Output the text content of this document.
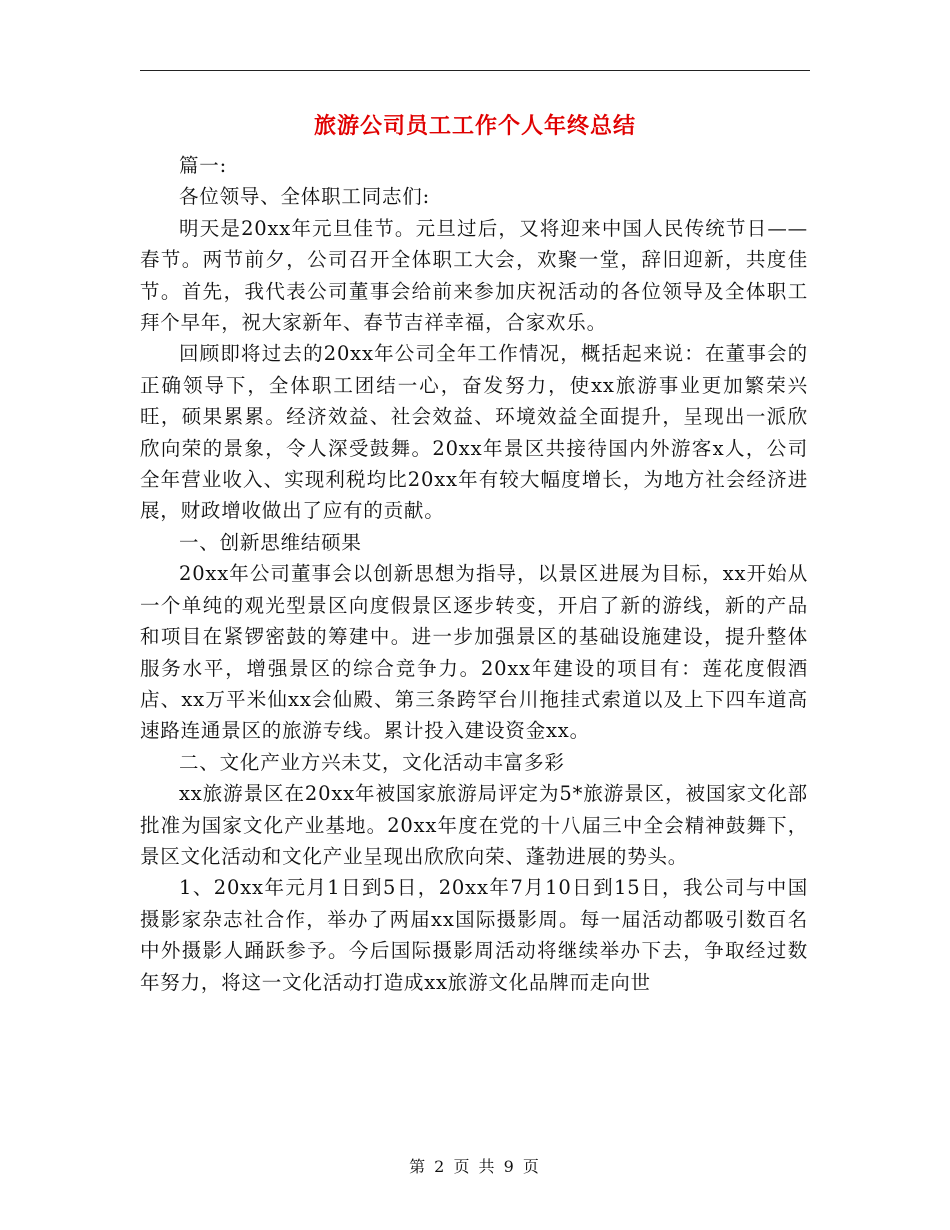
旅游公司员工工作个人年终总结

篇一:

各位领导、全体职工同志们:

明天是20xx年元旦佳节。元旦过后，又将迎来中国人民传统节日——春节。两节前夕，公司召开全体职工大会，欢聚一堂，辞旧迎新，共度佳节。首先，我代表公司董事会给前来参加庆祝活动的各位领导及全体职工拜个早年，祝大家新年、春节吉祥幸福，合家欢乐。

回顾即将过去的20xx年公司全年工作情况，概括起来说：在董事会的正确领导下，全体职工团结一心，奋发努力，使xx旅游事业更加繁荣兴旺，硕果累累。经济效益、社会效益、环境效益全面提升，呈现出一派欣欣向荣的景象，令人深受鼓舞。20xx年景区共接待国内外游客x人，公司全年营业收入、实现利税均比20xx年有较大幅度增长，为地方社会经济进展，财政增收做出了应有的贡献。

一、创新思维结硕果

20xx年公司董事会以创新思想为指导，以景区进展为目标，xx开始从一个单纯的观光型景区向度假景区逐步转变，开启了新的游线，新的产品和项目在紧锣密鼓的筹建中。进一步加强景区的基础设施建设，提升整体服务水平，增强景区的综合竞争力。20xx年建设的项目有：莲花度假酒店、xx万平米仙xx会仙殿、第三条跨罕台川拖挂式索道以及上下四车道高速路连通景区的旅游专线。累计投入建设资金xx。

二、文化产业方兴未艾，文化活动丰富多彩

xx旅游景区在20xx年被国家旅游局评定为5*旅游景区，被国家文化部批准为国家文化产业基地。20xx年度在党的十八届三中全会精神鼓舞下，景区文化活动和文化产业呈现出欣欣向荣、蓬勃进展的势头。

1、20xx年元月1日到5日，20xx年7月10日到15日，我公司与中国摄影家杂志社合作，举办了两届xx国际摄影周。每一届活动都吸引数百名中外摄影人踊跃参予。今后国际摄影周活动将继续举办下去，争取经过数年努力，将这一文化活动打造成xx旅游文化品牌而走向世

第 2 页 共 9 页
